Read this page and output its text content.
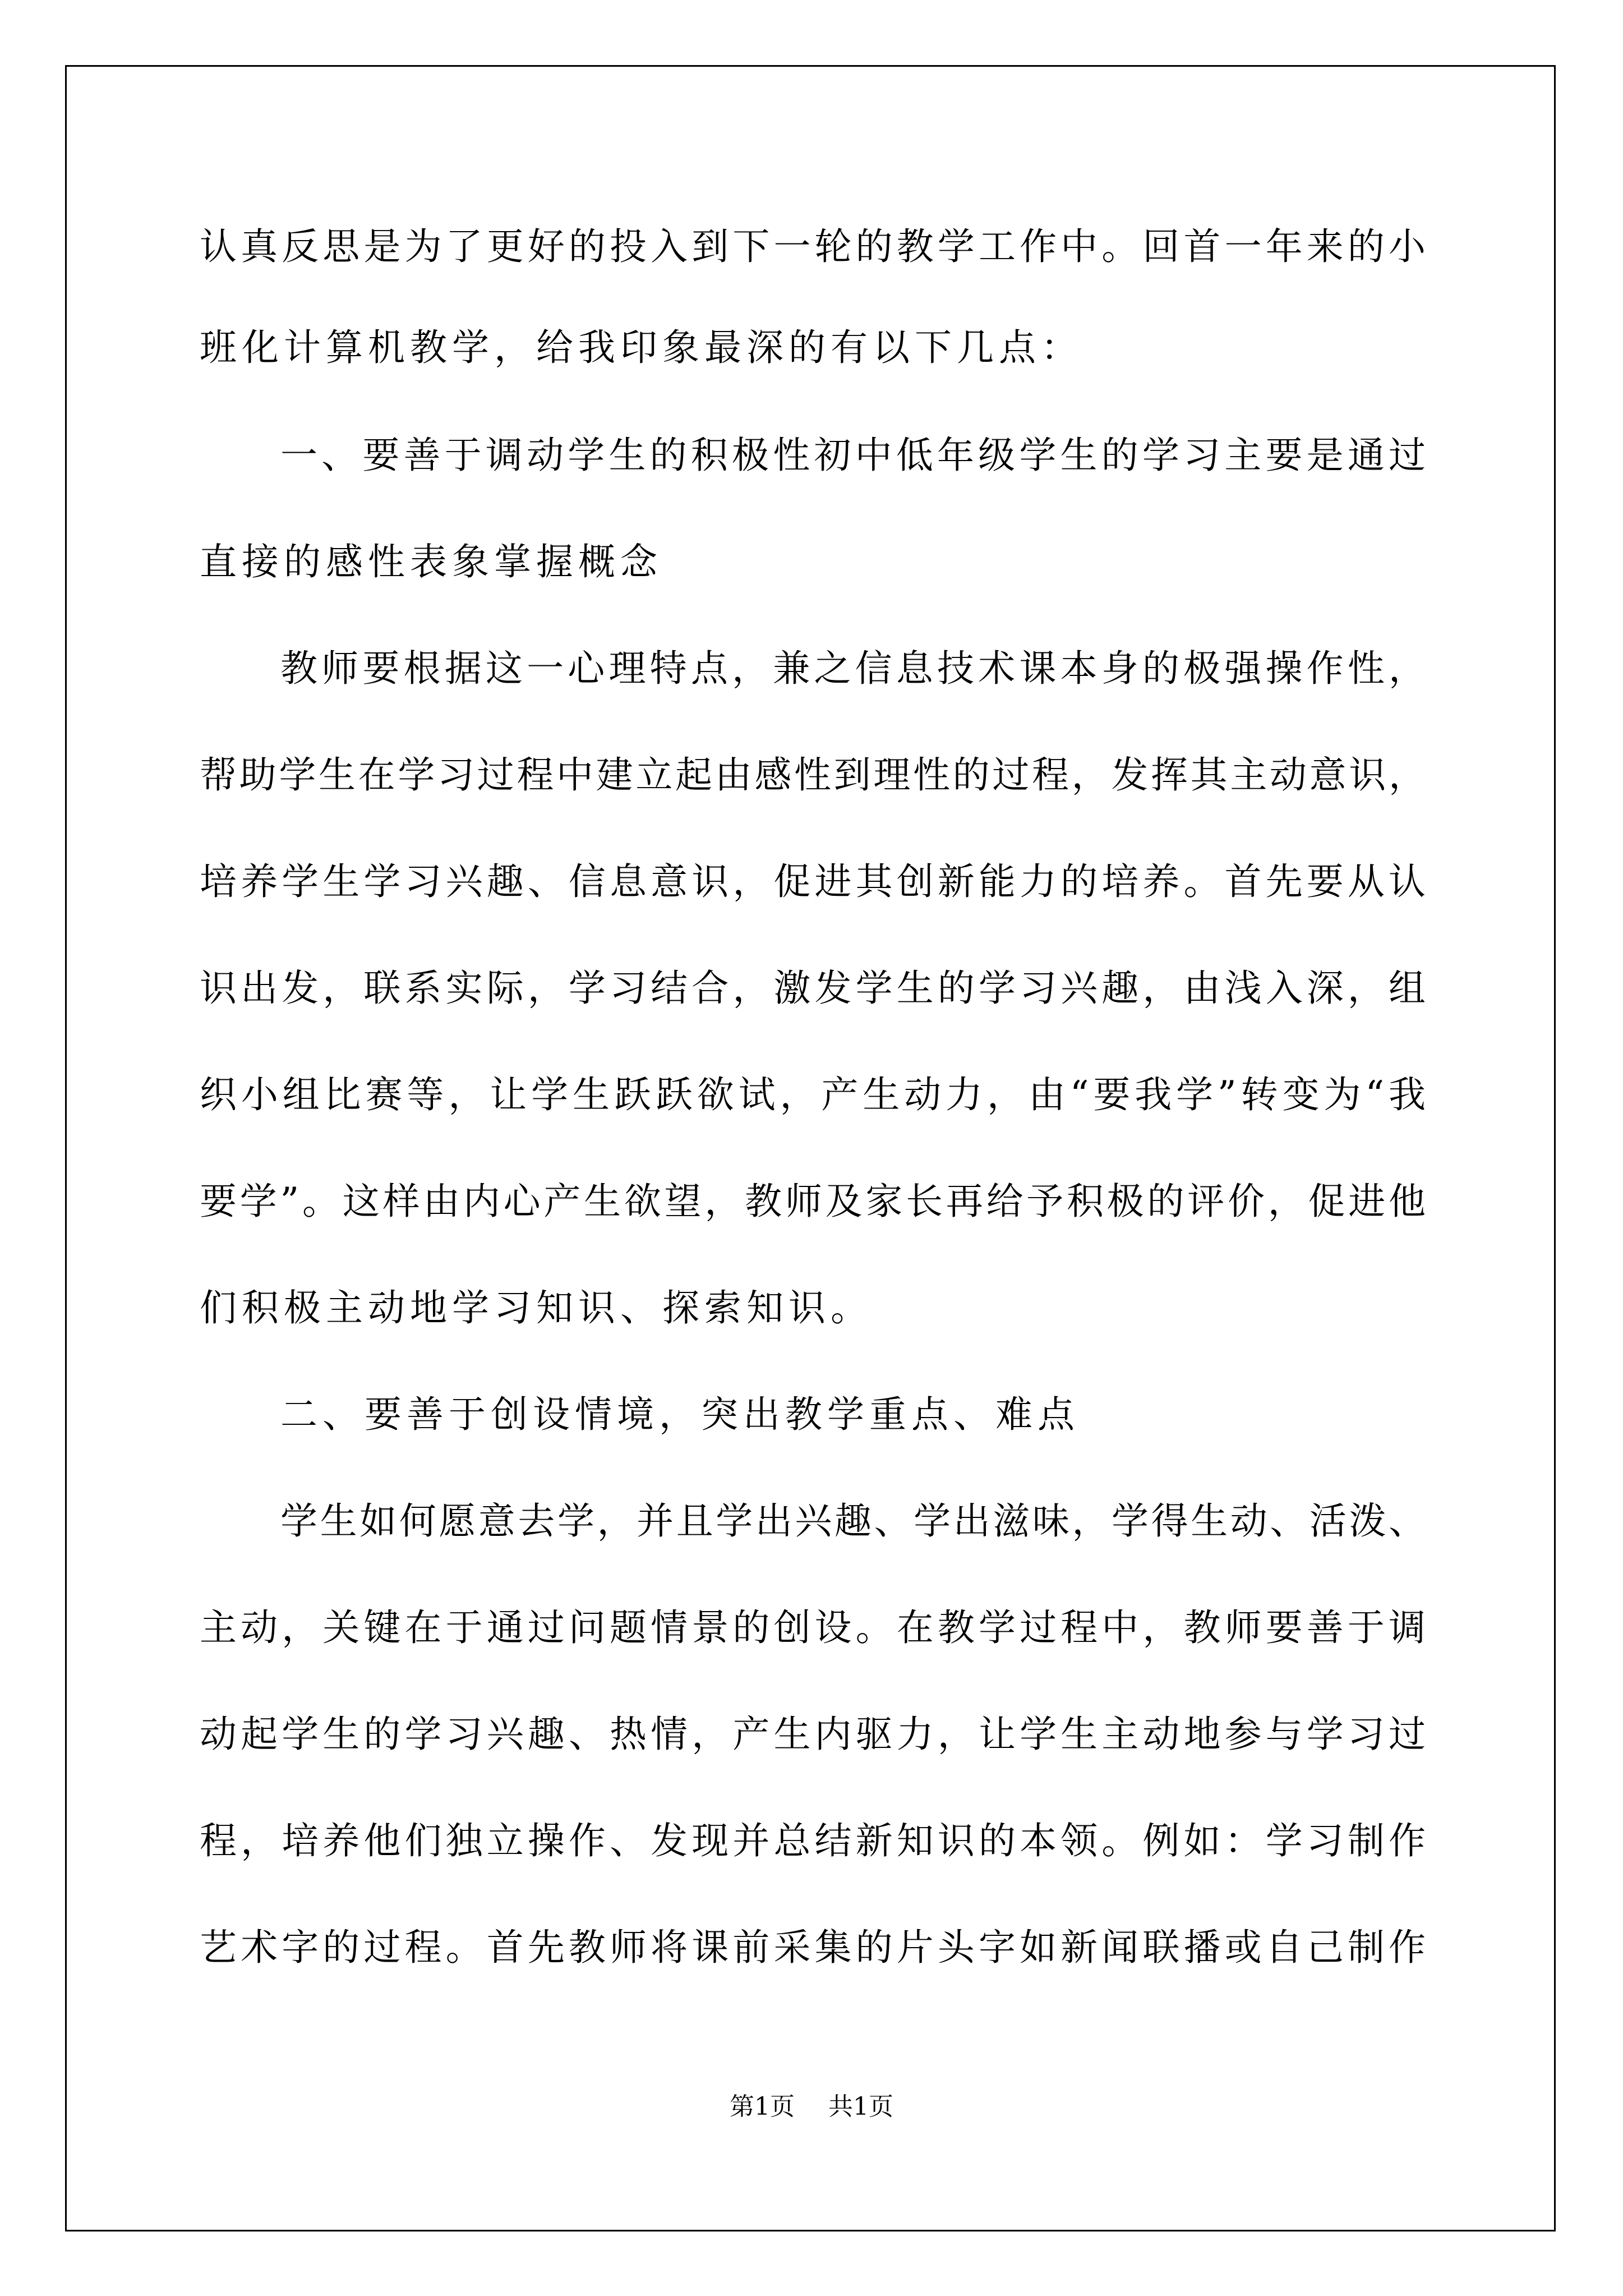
认真反思是为了更好的投入到下一轮的教学工作中。回首一年来的小
班化计算机教学，给我印象最深的有以下几点：
一、要善于调动学生的积极性初中低年级学生的学习主要是通过
直接的感性表象掌握概念
教师要根据这一心理特点，兼之信息技术课本身的极强操作性，
帮助学生在学习过程中建立起由感性到理性的过程，发挥其主动意识，
培养学生学习兴趣、信息意识，促进其创新能力的培养。首先要从认
识出发，联系实际，学习结合，激发学生的学习兴趣，由浅入深，组
织小组比赛等，让学生跃跃欲试，产生动力，由“要我学”转变为“我
要学”。这样由内心产生欲望，教师及家长再给予积极的评价，促进他
们积极主动地学习知识、探索知识。
二、要善于创设情境，突出教学重点、难点
学生如何愿意去学，并且学出兴趣、学出滋味，学得生动、活泼、
主动，关键在于通过问题情景的创设。在教学过程中，教师要善于调
动起学生的学习兴趣、热情，产生内驱力，让学生主动地参与学习过
程，培养他们独立操作、发现并总结新知识的本领。例如：学习制作
艺术字的过程。首先教师将课前采集的片头字如新闻联播或自己制作
第1页 共1页
